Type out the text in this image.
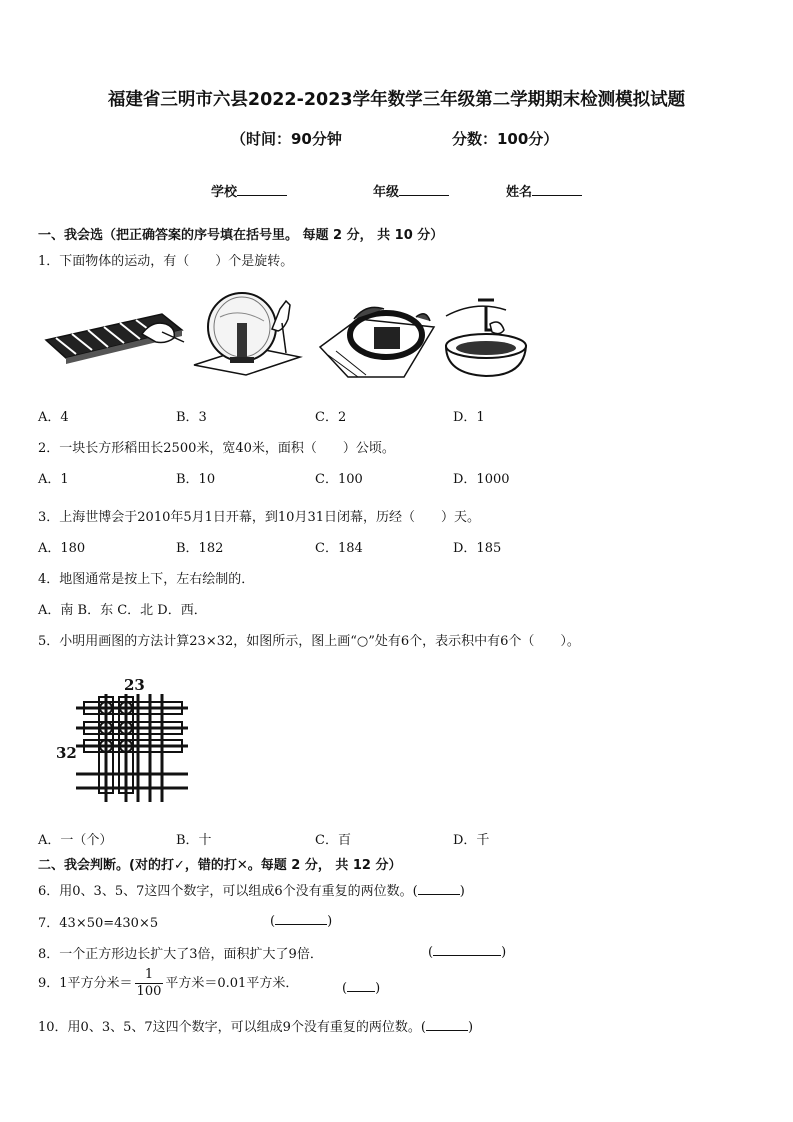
福建省三明市六县2022-2023学年数学三年级第二学期期末检测模拟试题
（时间：90分钟	分数：100分）
学校	年级	姓名
一、我会选（把正确答案的序号填在括号里。 每题 2 分， 共 10 分）
1．下面物体的运动，有（　　）个是旋转。
A．4	B．3	C．2	D．1
2．一块长方形稻田长2500米，宽40米，面积（　　）公顷。
A．1	B．10	C．100	D．1000
3．上海世博会于2010年5月1日开幕，到10月31日闭幕，历经（　　）天。
A．180	B．182	C．184	D．185
4．地图通常是按上下，左右绘制的．
A．南 B．东 C．北 D．西．
5．小明用画图的方法计算23×32，如图所示，图上画“○”处有6个，表示积中有6个（　　）。
23
32
A．一（个）	B．十	C．百	D．千
二、我会判断。(对的打✓，错的打✕。每题 2 分， 共 12 分）
6．用0、3、5、7这四个数字，可以组成6个没有重复的两位数。(	)
7．43×50=430×5	(	)
8．一个正方形边长扩大了3倍，面积扩大了9倍．	(	)
9．1平方分米＝ $\frac{1}{100}$ 平方米＝0.01平方米．	( )
10．用0、3、5、7这四个数字，可以组成9个没有重复的两位数。(	)
